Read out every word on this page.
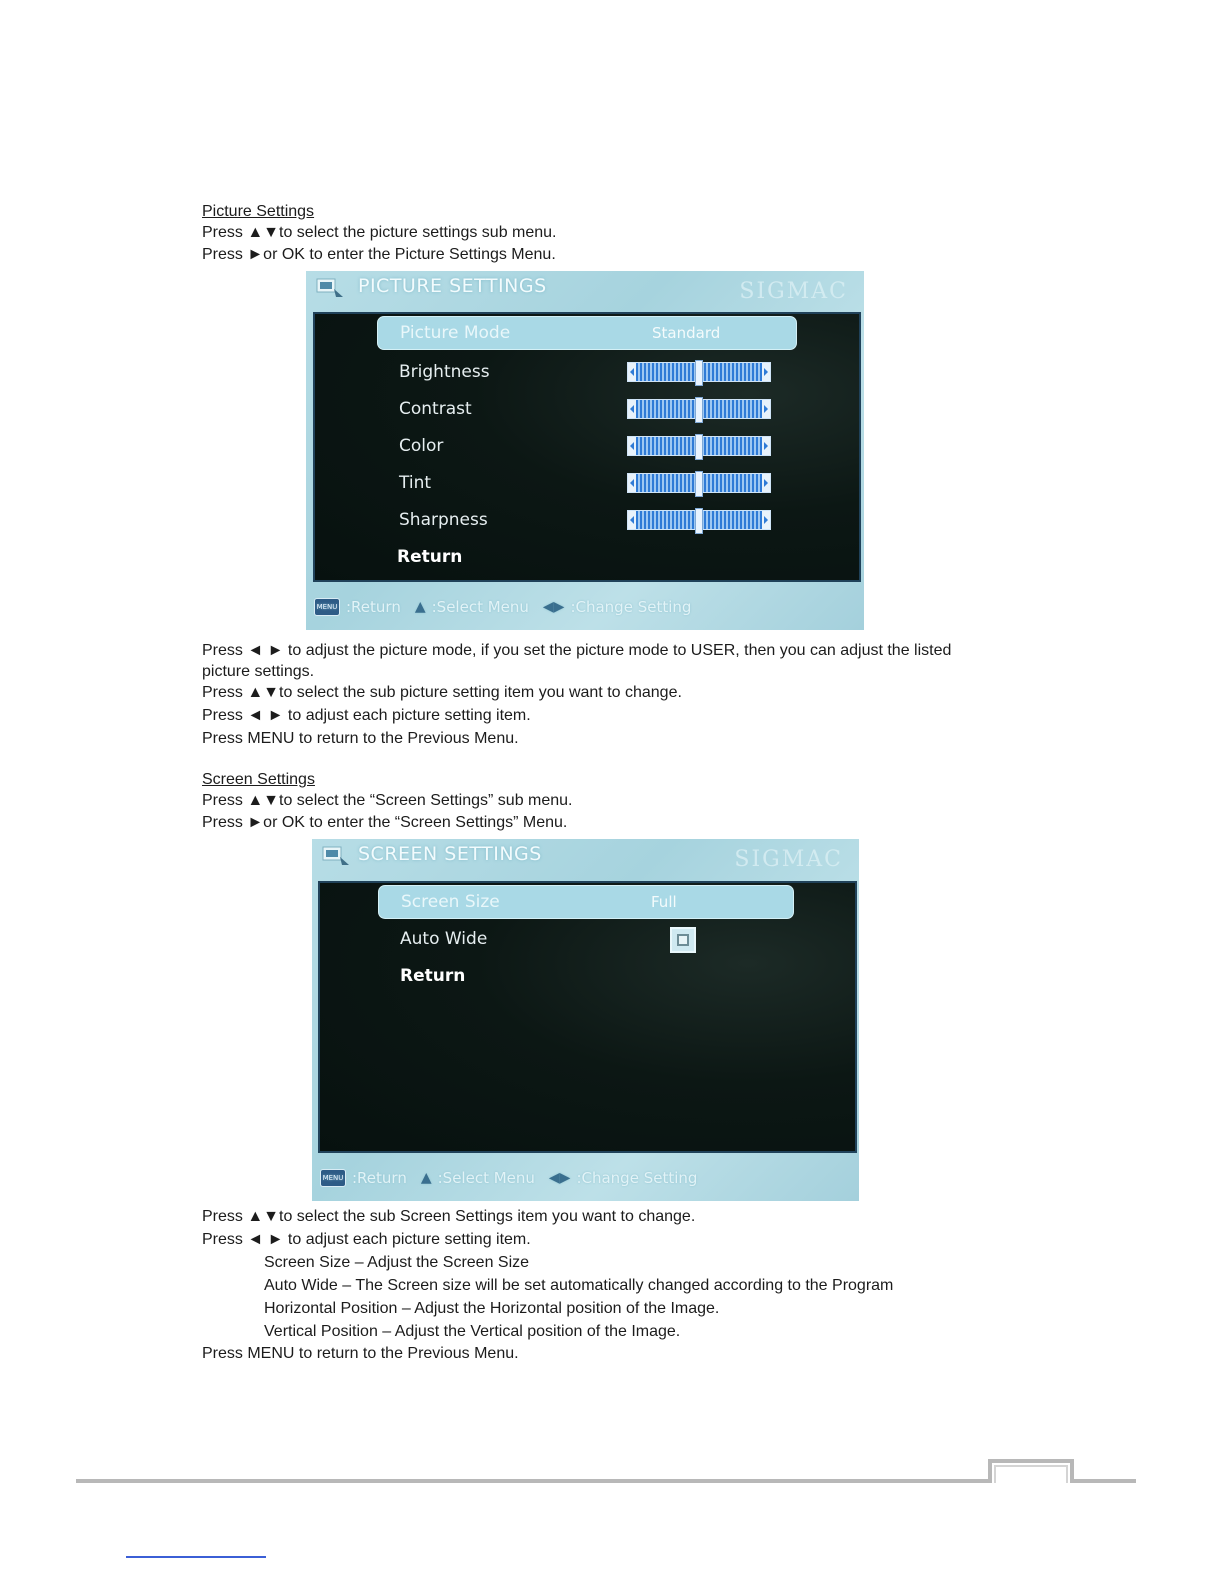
Picture Settings
Press ▲▼to select the picture settings sub menu.
Press ►or OK to enter the Picture Settings Menu.
PICTURE SETTINGS	SIGMAC
Picture Mode	Standard
Brightness
Contrast
Color
Tint
Sharpness
Return
MENU :Return ▲︎ :Select Menu ◀▶ :Change Setting
Press ◄ ► to adjust the picture mode, if you set the picture mode to USER, then you can adjust the listed
picture settings.
Press ▲▼to select the sub picture setting item you want to change.
Press ◄ ► to adjust each picture setting item.
Press MENU to return to the Previous Menu.
Screen Settings
Press ▲▼to select the “Screen Settings” sub menu.
Press ►or OK to enter the “Screen Settings” Menu.
SCREEN SETTINGS	SIGMAC
Screen Size	Full
Auto Wide
Return
MENU :Return ▲︎ :Select Menu ◀▶ :Change Setting
Press ▲▼to select the sub Screen Settings item you want to change.
Press ◄ ► to adjust each picture setting item.
Screen Size – Adjust the Screen Size
Auto Wide – The Screen size will be set automatically changed according to the Program
Horizontal Position – Adjust the Horizontal position of the Image.
Vertical Position – Adjust the Vertical position of the Image.
Press MENU to return to the Previous Menu.
